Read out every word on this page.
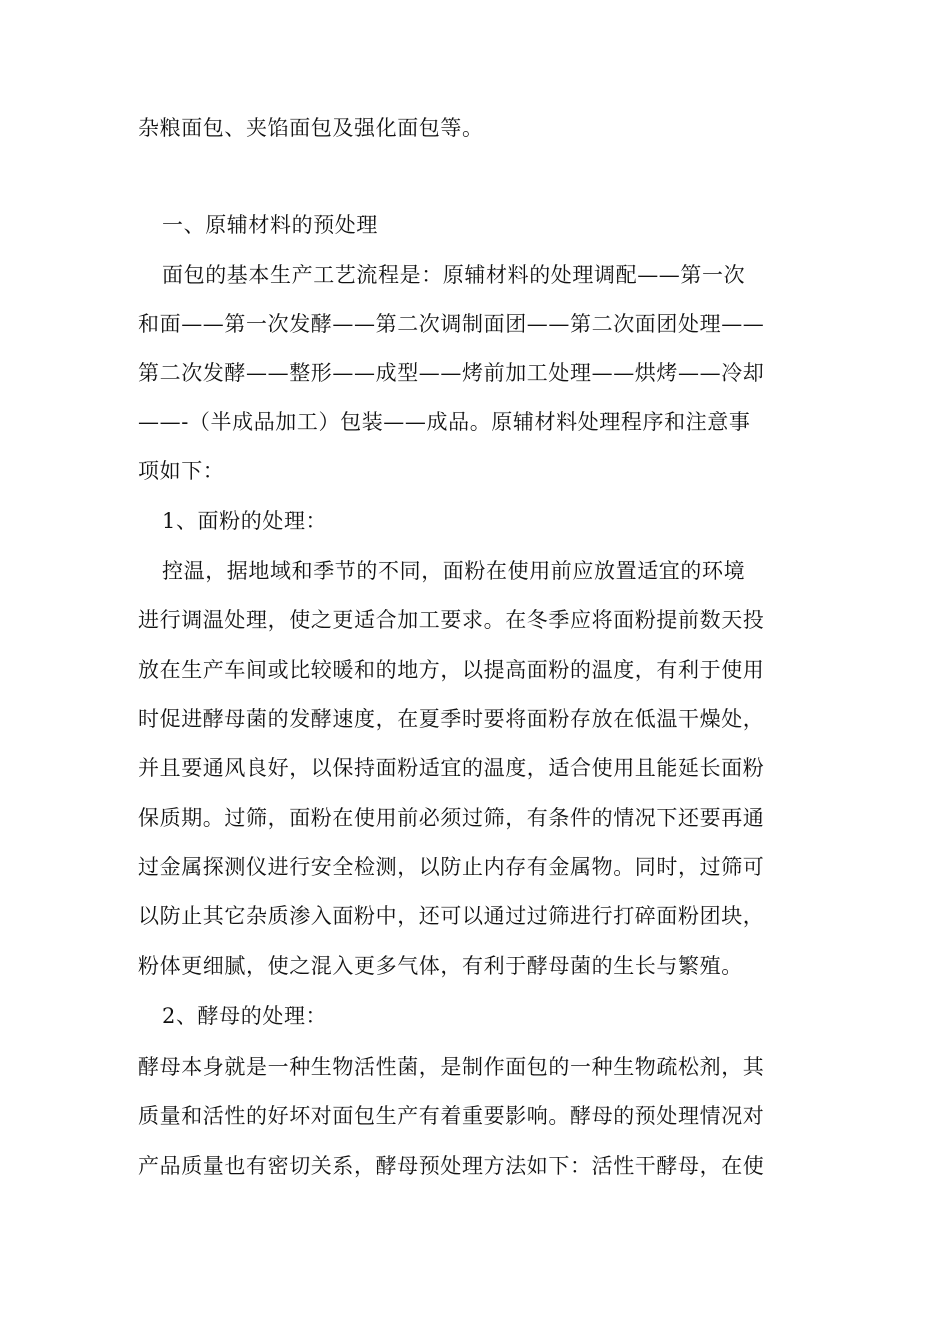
杂粮面包、夹馅面包及强化面包等。
一、原辅材料的预处理
面包的基本生产工艺流程是：原辅材料的处理调配——第一次
和面——第一次发酵——第二次调制面团——第二次面团处理——
第二次发酵——整形——成型——烤前加工处理——烘烤——冷却
——-（半成品加工）包装——成品。原辅材料处理程序和注意事
项如下：
1、面粉的处理：
控温，据地域和季节的不同，面粉在使用前应放置适宜的环境
进行调温处理，使之更适合加工要求。在冬季应将面粉提前数天投
放在生产车间或比较暖和的地方，以提高面粉的温度，有利于使用
时促进酵母菌的发酵速度，在夏季时要将面粉存放在低温干燥处，
并且要通风良好，以保持面粉适宜的温度，适合使用且能延长面粉
保质期。过筛，面粉在使用前必须过筛，有条件的情况下还要再通
过金属探测仪进行安全检测，以防止内存有金属物。同时，过筛可
以防止其它杂质渗入面粉中，还可以通过过筛进行打碎面粉团块，
粉体更细腻，使之混入更多气体，有利于酵母菌的生长与繁殖。
2、酵母的处理：
酵母本身就是一种生物活性菌，是制作面包的一种生物疏松剂，其
质量和活性的好坏对面包生产有着重要影响。酵母的预处理情况对
产品质量也有密切关系，酵母预处理方法如下：活性干酵母，在使
